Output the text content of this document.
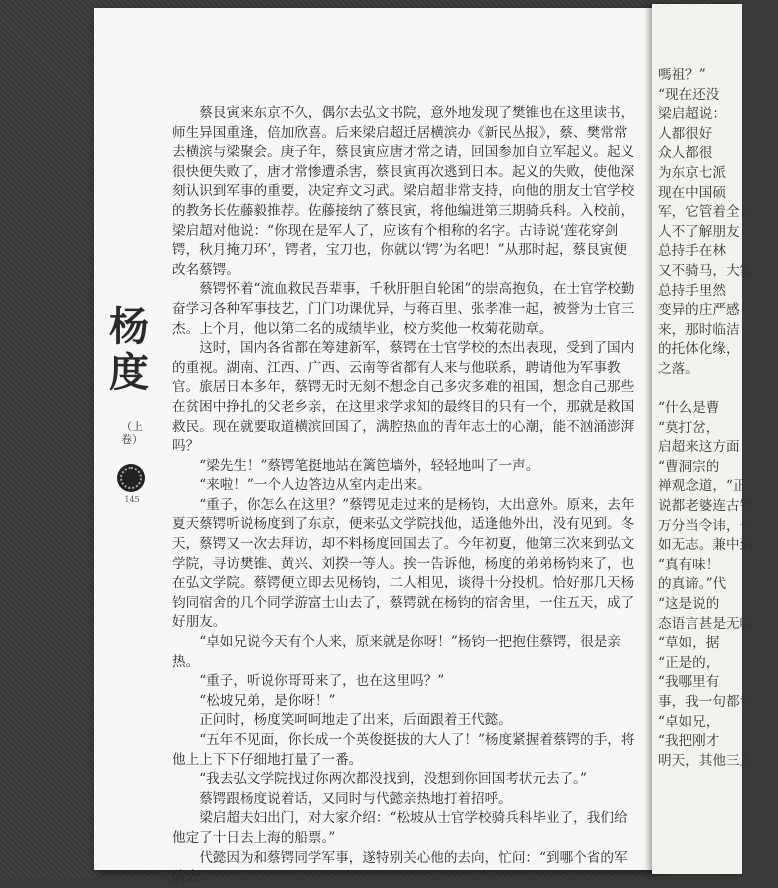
杨
度
（上卷）
145

蔡艮寅来东京不久，偶尔去弘文书院，意外地发现了樊锥也在这里读书，师生异国重逢，倍加欣喜。后来梁启超迁居横滨办《新民丛报》，蔡、樊常常去横滨与梁聚会。庚子年，蔡艮寅应唐才常之请，回国参加自立军起义。起义很快便失败了，唐才常惨遭杀害，蔡艮寅再次逃到日本。起义的失败，使他深刻认识到军事的重要，决定弃文习武。梁启超非常支持，向他的朋友士官学校的教务长佐藤毅推荐。佐藤接纳了蔡艮寅，将他编进第三期骑兵科。入校前，梁启超对他说：“你现在是军人了，应该有个相称的名字。古诗说‘莲花穿剑锷，秋月掩刀环’，锷者，宝刀也，你就以‘锷’为名吧！”从那时起，蔡艮寅便改名蔡锷。

蔡锷怀着“流血救民吾辈事，千秋肝胆自轮囷”的崇高抱负，在士官学校勤奋学习各种军事技艺，门门功课优异，与蒋百里、张孝准一起，被誉为士官三杰。上个月，他以第二名的成绩毕业，校方奖他一枚菊花勋章。

这时，国内各省都在筹建新军，蔡锷在士官学校的杰出表现，受到了国内的重视。湖南、江西、广西、云南等省都有人来与他联系，聘请他为军事教官。旅居日本多年，蔡锷无时无刻不想念自己多灾多难的祖国，想念自己那些在贫困中挣扎的父老乡亲，在这里求学求知的最终目的只有一个，那就是救国救民。现在就要取道横滨回国了，满腔热血的青年志士的心潮，能不汹涌澎湃吗？

“梁先生！”蔡锷笔挺地站在篱笆墙外，轻轻地叫了一声。

“来啦！”一个人边答边从室内走出来。

“重子，你怎么在这里？”蔡锷见走过来的是杨钧，大出意外。原来，去年夏天蔡锷听说杨度到了东京，便来弘文学院找他，适逢他外出，没有见到。冬天，蔡锷又一次去拜访，却不料杨度回国去了。今年初夏，他第三次来到弘文学院，寻访樊锥、黄兴、刘揆一等人。挨一告诉他，杨度的弟弟杨钧来了，也在弘文学院。蔡锷便立即去见杨钧，二人相见，谈得十分投机。恰好那几天杨钧同宿舍的几个同学游富士山去了，蔡锷就在杨钧的宿舍里，一住五天，成了好朋友。

“卓如兄说今天有个人来，原来就是你呀！”杨钧一把抱住蔡锷，很是亲热。

“重子，听说你哥哥来了，也在这里吗？”

“松坡兄弟，是你呀！”

正问时，杨度笑呵呵地走了出来，后面跟着王代懿。

“五年不见面，你长成一个英俊挺拔的大人了！”杨度紧握着蔡锷的手，将他上上下下仔细地打量了一番。

“我去弘文学院找过你两次都没找到，没想到你回国考状元去了。”

蔡锷跟杨度说着话，又同时与代懿亲热地打着招呼。

梁启超夫妇出门，对大家介绍：“松坡从士官学校骑兵科毕业了，我们给他定了十日去上海的船票。”

代懿因为和蔡锷同学军事，遂特别关心他的去向，忙问：“到哪个省的军队去

嗎祖？”
“现在还没
梁启超说：
人都很好
众人都很
为东京七派
现在中国硕
军，它管着全日
人不了解朋友
总持手在林
又不骑马，大家
总持手里然
变异的庄严感
来，那时临洁
的托体化缘，
之落。
“什么是曹
“莫打岔，
启超来这方面
“曹洞宗的
禅观念道，“正
说都老婆连古钱
万分当令讳，也
如无志。兼中到
“真有味！
的真谛。”代
“这是说的
态语言甚是无味
“草如，据
“正是的，
“我哪里有
事，我一句都背
“卓如兄，
“我把刚才
明天，其他三人
